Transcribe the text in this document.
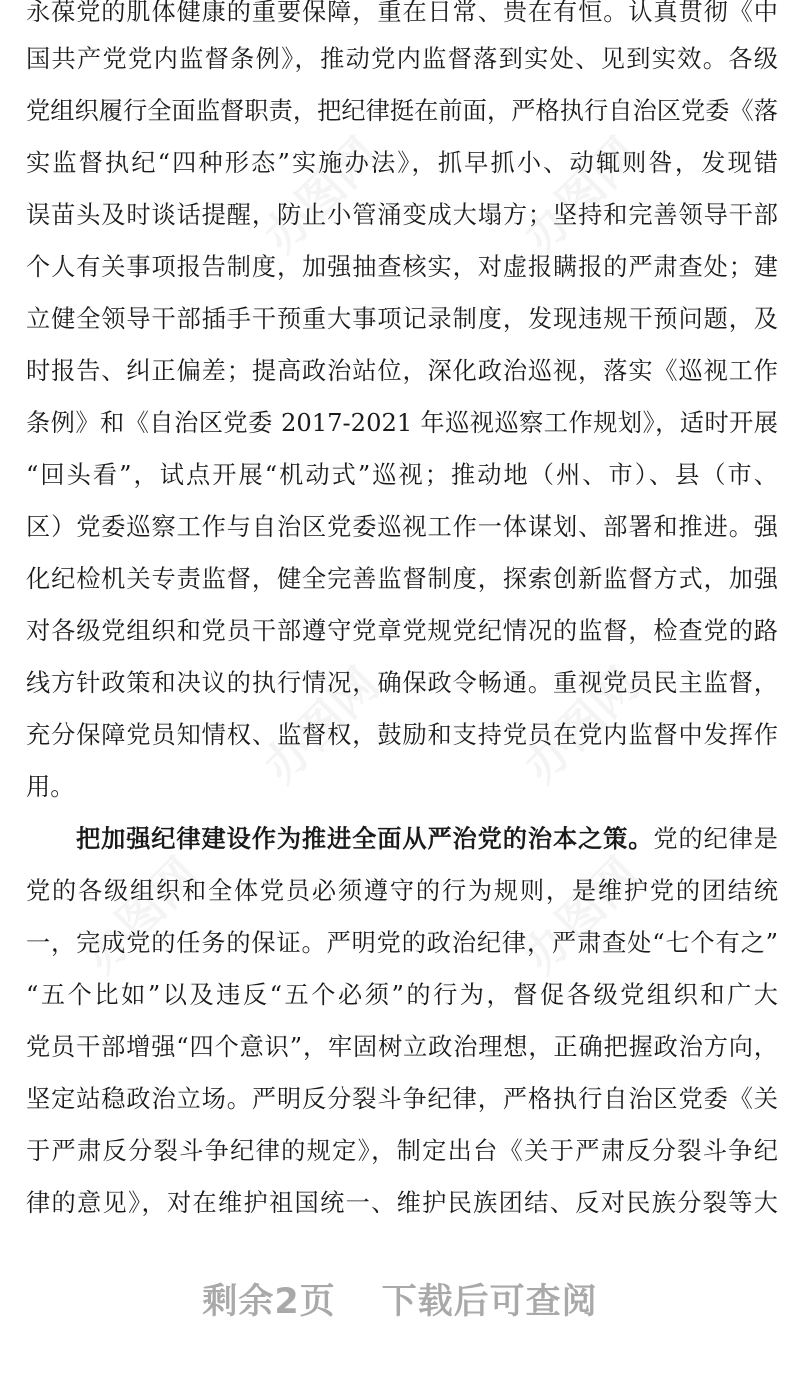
办图网	办图网
办图网	办图网
办图网	办图网
永葆党的肌体健康的重要保障，重在日常、贵在有恒。认真贯彻《中
国共产党党内监督条例》，推动党内监督落到实处、见到实效。各级
党组织履行全面监督职责，把纪律挺在前面，严格执行自治区党委《落
实监督执纪“四种形态”实施办法》，抓早抓小、动辄则咎，发现错
误苗头及时谈话提醒，防止小管涌变成大塌方；坚持和完善领导干部
个人有关事项报告制度，加强抽查核实，对虚报瞒报的严肃查处；建
立健全领导干部插手干预重大事项记录制度，发现违规干预问题，及
时报告、纠正偏差；提高政治站位，深化政治巡视，落实《巡视工作
条例》和《自治区党委 2017-2021 年巡视巡察工作规划》，适时开展
“回头看”，试点开展“机动式”巡视；推动地（州、市）、县（市、
区）党委巡察工作与自治区党委巡视工作一体谋划、部署和推进。强
化纪检机关专责监督，健全完善监督制度，探索创新监督方式，加强
对各级党组织和党员干部遵守党章党规党纪情况的监督，检查党的路
线方针政策和决议的执行情况，确保政令畅通。重视党员民主监督，
充分保障党员知情权、监督权，鼓励和支持党员在党内监督中发挥作
用。
把加强纪律建设作为推进全面从严治党的治本之策。党的纪律是
党的各级组织和全体党员必须遵守的行为规则，是维护党的团结统
一，完成党的任务的保证。严明党的政治纪律，严肃查处“七个有之”
“五个比如”以及违反“五个必须”的行为，督促各级党组织和广大
党员干部增强“四个意识”，牢固树立政治理想，正确把握政治方向，
坚定站稳政治立场。严明反分裂斗争纪律，严格执行自治区党委《关
于严肃反分裂斗争纪律的规定》，制定出台《关于严肃反分裂斗争纪
律的意见》，对在维护祖国统一、维护民族团结、反对民族分裂等大
剩余2页 下载后可查阅
